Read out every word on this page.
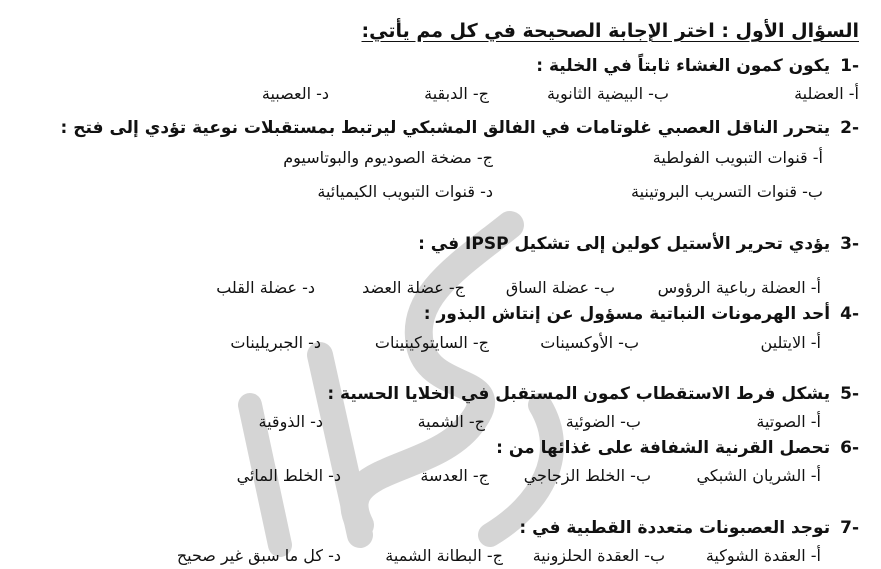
السؤال الأول : اختر الإجابة الصحيحة في كل مم يأتي:
-1يكون كمون الغشاء ثابتاً في الخلية :
أ- العضلية
ب- البيضية الثانوية
ج- الدبقية
د- العصبية
-2يتحرر الناقل العصبي غلوتامات في الفالق المشبكي ليرتبط بمستقبلات نوعية تؤدي إلى فتح :
أ- قنوات التبويب الفولطية
ج- مضخة الصوديوم والبوتاسيوم
ب- قنوات التسريب البروتينية
د- قنوات التبويب الكيميائية
-3يؤدي تحرير الأستيل كولين إلى تشكيل IPSP في :
أ- العضلة رباعية الرؤوس
ب- عضلة الساق
ج- عضلة العضد
د- عضلة القلب
-4أحد الهرمونات النباتية مسؤول عن إنتاش البذور :
أ- الايتلين
ب- الأوكسينات
ج- السايتوكينينات
د- الجبريلينات
-5يشكل فرط الاستقطاب كمون المستقبل في الخلايا الحسية :
أ- الصوتية
ب- الضوئية
ج- الشمية
د- الذوقية
-6تحصل القرنية الشفافة على غذائها من :
أ- الشريان الشبكي
ب- الخلط الزجاجي
ج- العدسة
د- الخلط المائي
-7توجد العصبونات متعددة القطبية في :
أ- العقدة الشوكية
ب- العقدة الحلزونية
ج- البطانة الشمية
د- كل ما سبق غير صحيح
